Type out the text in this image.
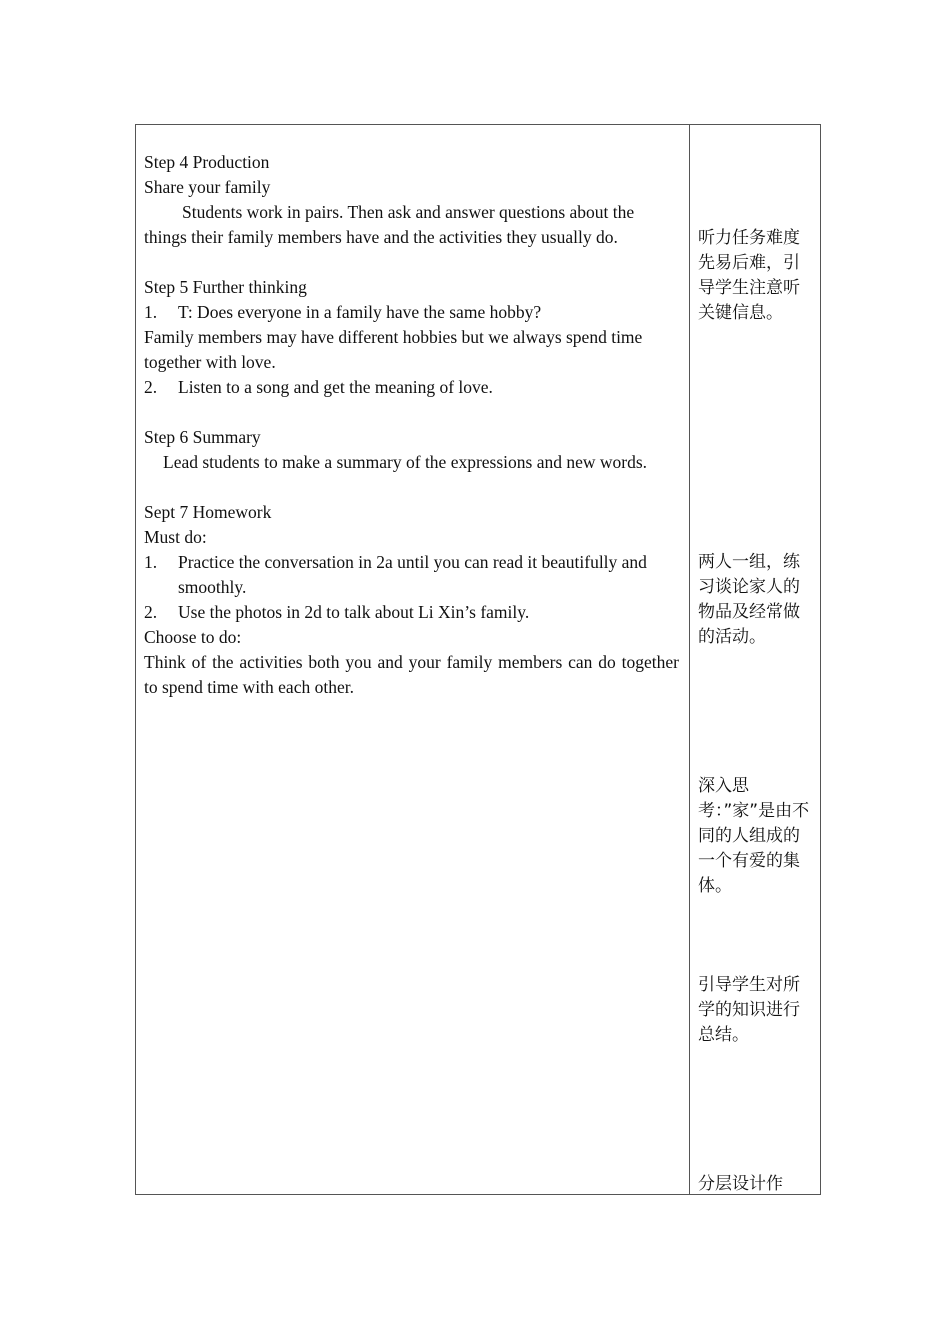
Step 4 Production
Share your family
Students work in pairs. Then ask and answer questions about the things their family members have and the activities they usually do.
Step 5 Further thinking
1.	T: Does everyone in a family have the same hobby?
Family members may have different hobbies but we always spend time together with love.
2.	Listen to a song and get the meaning of love.
Step 6 Summary
Lead students to make a summary of the expressions and new words.
Sept 7 Homework
Must do:
1.	Practice the conversation in 2a until you can read it beautifully and smoothly.
2.	Use the photos in 2d to talk about Li Xin’s family.
Choose to do:
Think of the activities both you and your family members can do together to spend time with each other.
听力任务难度先易后难，引导学生注意听关键信息。
两人一组，练习谈论家人的物品及经常做的活动。
深入思考：”家”是由不同的人组成的一个有爱的集体。
引导学生对所学的知识进行总结。
分层设计作
